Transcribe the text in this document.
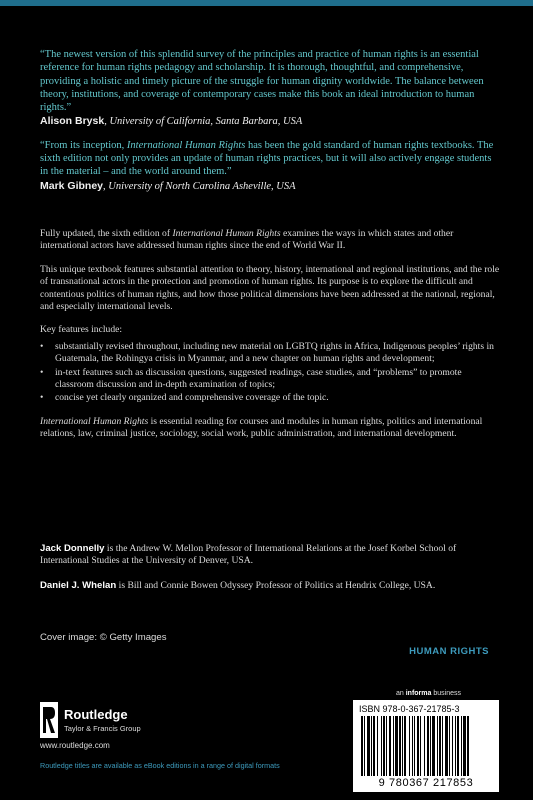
“The newest version of this splendid survey of the principles and practice of human rights is an essential reference for human rights pedagogy and scholarship. It is thorough, thoughtful, and comprehensive, providing a holistic and timely picture of the struggle for human dignity worldwide. The balance between theory, institutions, and coverage of contemporary cases make this book an ideal introduction to human rights.”
Alison Brysk, University of California, Santa Barbara, USA
“From its inception, International Human Rights has been the gold standard of human rights textbooks. The sixth edition not only provides an update of human rights practices, but it will also actively engage students in the material – and the world around them.”
Mark Gibney, University of North Carolina Asheville, USA

Fully updated, the sixth edition of International Human Rights examines the ways in which states and other international actors have addressed human rights since the end of World War II.

This unique textbook features substantial attention to theory, history, international and regional institutions, and the role of transnational actors in the protection and promotion of human rights. Its purpose is to explore the difficult and contentious politics of human rights, and how those political dimensions have been addressed at the national, regional, and especially international levels.

Key features include:

• substantially revised throughout, including new material on LGBTQ rights in Africa, Indigenous peoples’ rights in Guatemala, the Rohingya crisis in Myanmar, and a new chapter on human rights and development;
• in-text features such as discussion questions, suggested readings, case studies, and “problems” to promote classroom discussion and in-depth examination of topics;
• concise yet clearly organized and comprehensive coverage of the topic.

International Human Rights is essential reading for courses and modules in human rights, politics and international relations, law, criminal justice, sociology, social work, public administration, and international development.

Jack Donnelly is the Andrew W. Mellon Professor of International Relations at the Josef Korbel School of International Studies at the University of Denver, USA.

Daniel J. Whelan is Bill and Connie Bowen Odyssey Professor of Politics at Hendrix College, USA.

Cover image: © Getty Images
HUMAN RIGHTS
an informa business
Routledge
Taylor & Francis Group
www.routledge.com
Routledge titles are available as eBook editions in a range of digital formats
ISBN 978-0-367-21785-3
9 780367 217853
